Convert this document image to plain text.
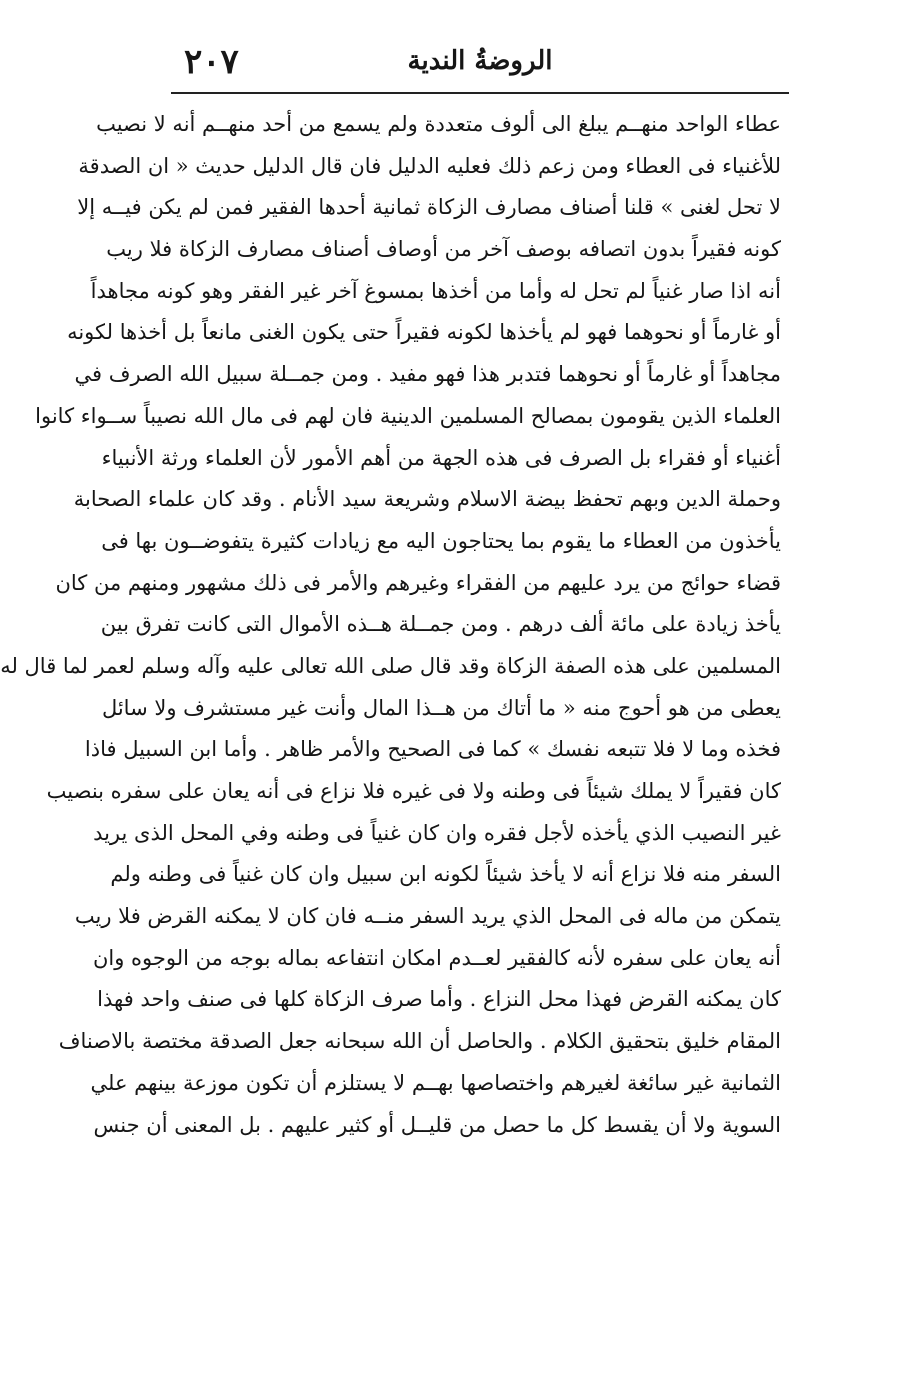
الروضةُ الندية
٢٠٧
عطاء الواحد منهــم يبلغ الى ألوف متعددة ولم يسمع من أحد منهــم أنه لا نصيب
للأغنياء فى العطاء ومن زعم ذلك فعليه الدليل فان قال الدليل حديث « ان الصدقة
لا تحل لغنى » قلنا أصناف مصارف الزكاة ثمانية أحدها الفقير فمن لم يكن فيــه إلا
كونه فقيراً بدون اتصافه بوصف آخر من أوصاف أصناف مصارف الزكاة فلا ريب
أنه اذا صار غنياً لم تحل له وأما من أخذها بمسوغ آخر غير الفقر وهو كونه مجاهداً
أو غارماً أو نحوهما فهو لم يأخذها لكونه فقيراً حتى يكون الغنى مانعاً بل أخذها لكونه
مجاهداً أو غارماً أو نحوهما فتدبر هذا فهو مفيد . ومن جمــلة سبيل الله الصرف في
العلماء الذين يقومون بمصالح المسلمين الدينية فان لهم فى مال الله نصيباً ســواء كانوا
أغنياء أو فقراء بل الصرف فى هذه الجهة من أهم الأمور لأن العلماء ورثة الأنبياء
وحملة الدين وبهم تحفظ بيضة الاسلام وشريعة سيد الأنام . وقد كان علماء الصحابة
يأخذون من العطاء ما يقوم بما يحتاجون اليه مع زيادات كثيرة يتفوضــون بها فى
قضاء حوائج من يرد عليهم من الفقراء وغيرهم والأمر فى ذلك مشهور ومنهم من كان
يأخذ زيادة على مائة ألف درهم . ومن جمــلة هــذه الأموال التى كانت تفرق بين
المسلمين على هذه الصفة الزكاة وقد قال صلى الله تعالى عليه وآله وسلم لعمر لما قال له
يعطى من هو أحوج منه « ما أتاك من هــذا المال وأنت غير مستشرف ولا سائل
فخذه وما لا فلا تتبعه نفسك » كما فى الصحيح والأمر ظاهر . وأما ابن السبيل فاذا
كان فقيراً لا يملك شيئاً فى وطنه ولا فى غيره فلا نزاع فى أنه يعان على سفره بنصيب
غير النصيب الذي يأخذه لأجل فقره وان كان غنياً فى وطنه وفي المحل الذى يريد
السفر منه فلا نزاع أنه لا يأخذ شيئاً لكونه ابن سبيل وان كان غنياً فى وطنه ولم
يتمكن من ماله فى المحل الذي يريد السفر منــه فان كان لا يمكنه القرض فلا ريب
أنه يعان على سفره لأنه كالفقير لعــدم امكان انتفاعه بماله بوجه من الوجوه وان
كان يمكنه القرض فهذا محل النزاع . وأما صرف الزكاة كلها فى صنف واحد فهذا
المقام خليق بتحقيق الكلام . والحاصل أن الله سبحانه جعل الصدقة مختصة بالاصناف
الثمانية غير سائغة لغيرهم واختصاصها بهــم لا يستلزم أن تكون موزعة بينهم علي
السوية ولا أن يقسط كل ما حصل من قليــل أو كثير عليهم . بل المعنى أن جنس
